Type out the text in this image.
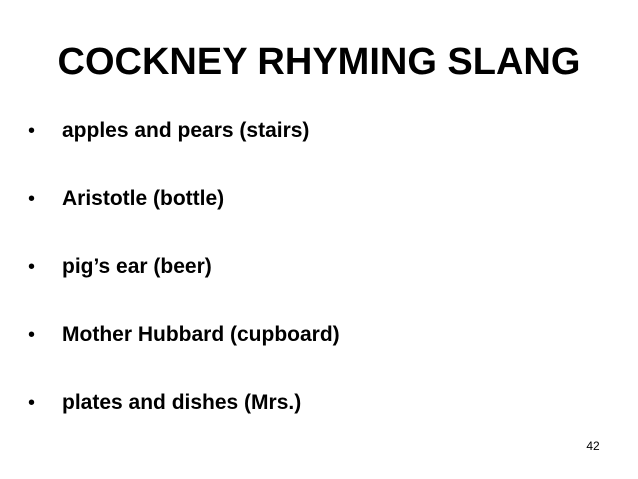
COCKNEY RHYMING SLANG
•	apples and pears (stairs)
•	Aristotle (bottle)
•	pig’s ear (beer)
•	Mother Hubbard (cupboard)
•	plates and dishes (Mrs.)
42
